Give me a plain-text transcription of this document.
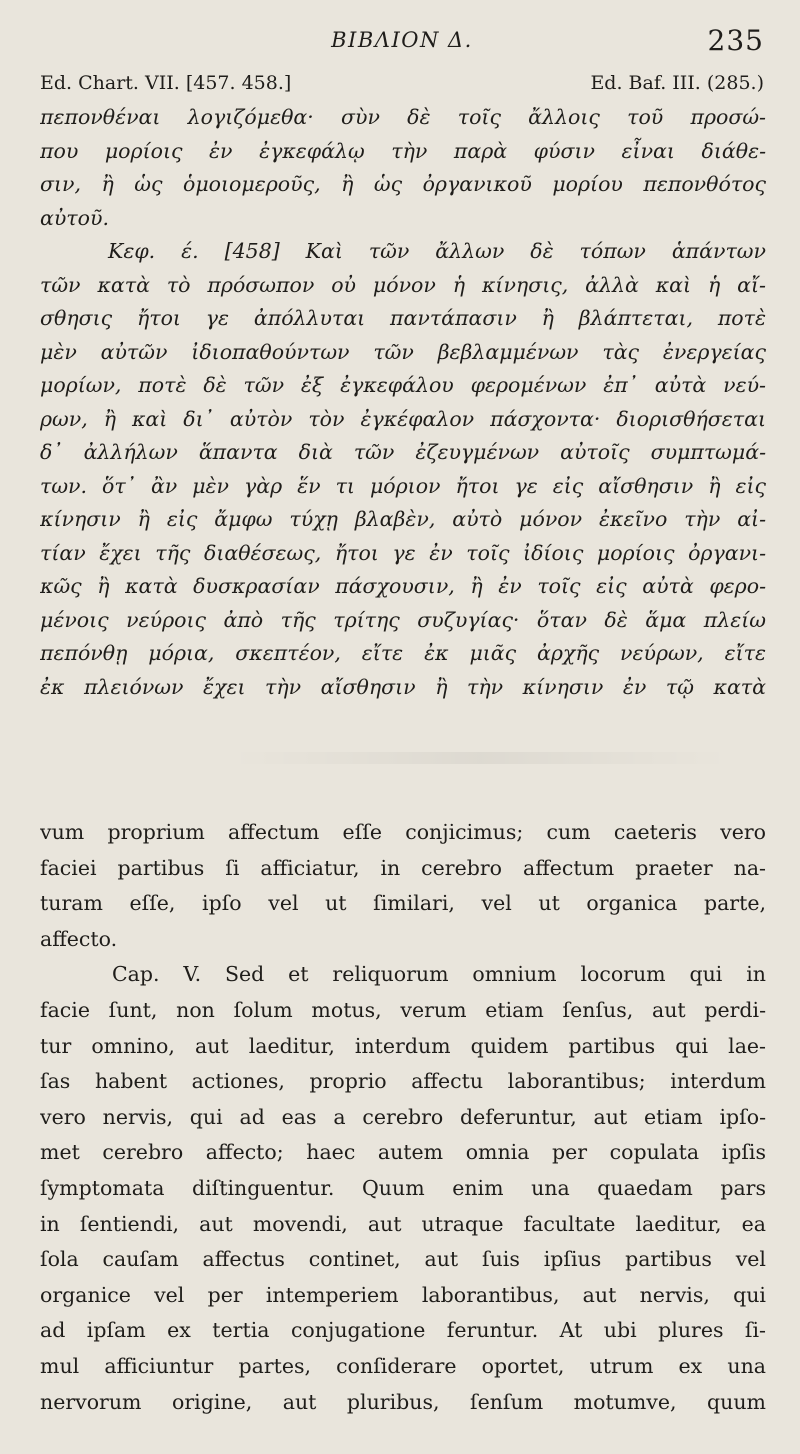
ΒΙΒΛΙΟΝ Δ.	235
Ed. Chart. VII. [457. 458.]	Ed. Baf. III. (285.)
πεπονθέναι λογιζόμεθα· σὺν δὲ τοῖς ἄλλοις τοῦ προσώ-
που μορίοις ἐν ἐγκεφάλῳ τὴν παρὰ φύσιν εἶναι διάθε-
σιν, ἢ ὡς ὁμοιομεροῦς, ἢ ὡς ὀργανικοῦ μορίου πεπονθότος
αὐτοῦ.
Κεφ. έ. [458] Καὶ τῶν ἄλλων δὲ τόπων ἁπάντων
τῶν κατὰ τὸ πρόσωπον οὐ μόνον ἡ κίνησις, ἀλλὰ καὶ ἡ αἴ-
σθησις ἤτοι γε ἀπόλλυται παντάπασιν ἢ βλάπτεται, ποτὲ
μὲν αὐτῶν ἰδιοπαθούντων τῶν βεβλαμμένων τὰς ἐνεργείας
μορίων, ποτὲ δὲ τῶν ἐξ ἐγκεφάλου φερομένων ἐπ᾽ αὐτὰ νεύ-
ρων, ἢ καὶ δι᾽ αὐτὸν τὸν ἐγκέφαλον πάσχοντα· διορισθήσεται
δ᾽ ἀλλήλων ἅπαντα διὰ τῶν ἐζευγμένων αὐτοῖς συμπτωμά-
των. ὅτ᾽ ἂν μὲν γὰρ ἕν τι μόριον ἤτοι γε εἰς αἴσθησιν ἢ εἰς
κίνησιν ἢ εἰς ἄμφω τύχῃ βλαβὲν, αὐτὸ μόνον ἐκεῖνο τὴν αἰ-
τίαν ἔχει τῆς διαθέσεως, ἤτοι γε ἐν τοῖς ἰδίοις μορίοις ὀργανι-
κῶς ἢ κατὰ δυσκρασίαν πάσχουσιν, ἢ ἐν τοῖς εἰς αὐτὰ φερο-
μένοις νεύροις ἀπὸ τῆς τρίτης συζυγίας· ὅταν δὲ ἅμα πλείω
πεπόνθῃ μόρια, σκεπτέον, εἴτε ἐκ μιᾶς ἀρχῆς νεύρων, εἴτε
ἐκ πλειόνων ἔχει τὴν αἴσθησιν ἢ τὴν κίνησιν ἐν τῷ κατὰ
vum proprium affectum eſſe conjicimus; cum caeteris vero
faciei partibus ſi afficiatur, in cerebro affectum praeter na-
turam eſſe, ipſo vel ut ſimilari, vel ut organica parte,
affecto.
Cap. V. Sed et reliquorum omnium locorum qui in
facie ſunt, non ſolum motus, verum etiam ſenſus, aut perdi-
tur omnino, aut laeditur, interdum quidem partibus qui lae-
ſas habent actiones, proprio affectu laborantibus; interdum
vero nervis, qui ad eas a cerebro deferuntur, aut etiam ipſo-
met cerebro affecto; haec autem omnia per copulata ipſis
ſymptomata diſtinguentur. Quum enim una quaedam pars
in ſentiendi, aut movendi, aut utraque facultate laeditur, ea
ſola cauſam affectus continet, aut ſuis ipſius partibus vel
organice vel per intemperiem laborantibus, aut nervis, qui
ad ipſam ex tertia conjugatione feruntur. At ubi plures ſi-
mul afficiuntur partes, conſiderare oportet, utrum ex una
nervorum origine, aut pluribus, ſenſum motumve, quum
